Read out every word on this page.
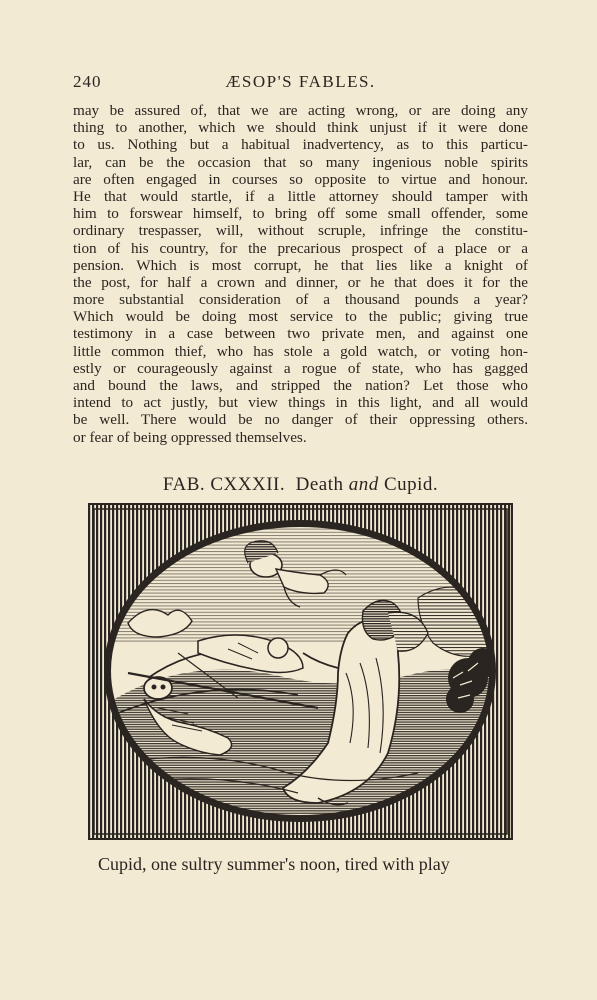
240	ÆSOP'S FABLES.
may be assured of, that we are acting wrong, or are doing any
thing to another, which we should think unjust if it were done
to us. Nothing but a habitual inadvertency, as to this particu-
lar, can be the occasion that so many ingenious noble spirits
are often engaged in courses so opposite to virtue and honour.
He that would startle, if a little attorney should tamper with
him to forswear himself, to bring off some small offender, some
ordinary trespasser, will, without scruple, infringe the constitu-
tion of his country, for the precarious prospect of a place or a
pension. Which is most corrupt, he that lies like a knight of
the post, for half a crown and dinner, or he that does it for the
more substantial consideration of a thousand pounds a year?
Which would be doing most service to the public; giving true
testimony in a case between two private men, and against one
little common thief, who has stole a gold watch, or voting hon-
estly or courageously against a rogue of state, who has gagged
and bound the laws, and stripped the nation? Let those who
intend to act justly, but view things in this light, and all would
be well. There would be no danger of their oppressing others.
or fear of being oppressed themselves.
FAB. CXXXII. Death and Cupid.
Cupid, one sultry summer's noon, tired with play
